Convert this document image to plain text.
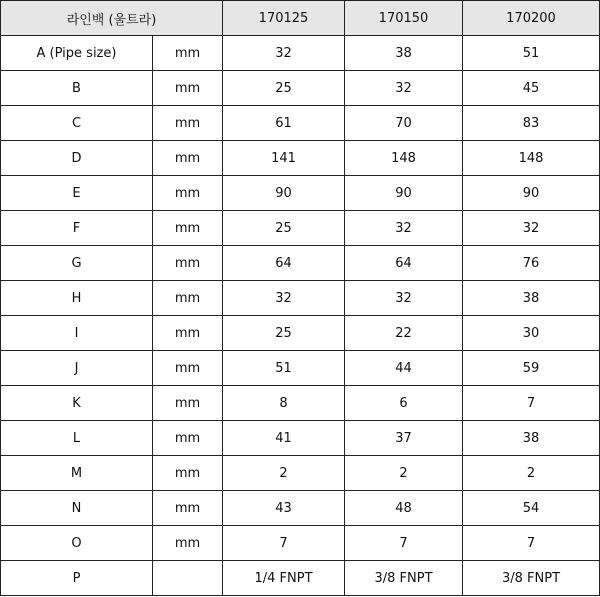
라인백 (울트라)		170125	170150	170200
A (Pipe size)	mm	32	38	51
B	mm	25	32	45
C	mm	61	70	83
D	mm	141	148	148
E	mm	90	90	90
F	mm	25	32	32
G	mm	64	64	76
H	mm	32	32	38
I	mm	25	22	30
J	mm	51	44	59
K	mm	8	6	7
L	mm	41	37	38
M	mm	2	2	2
N	mm	43	48	54
O	mm	7	7	7
P		1/4 FNPT	3/8 FNPT	3/8 FNPT
